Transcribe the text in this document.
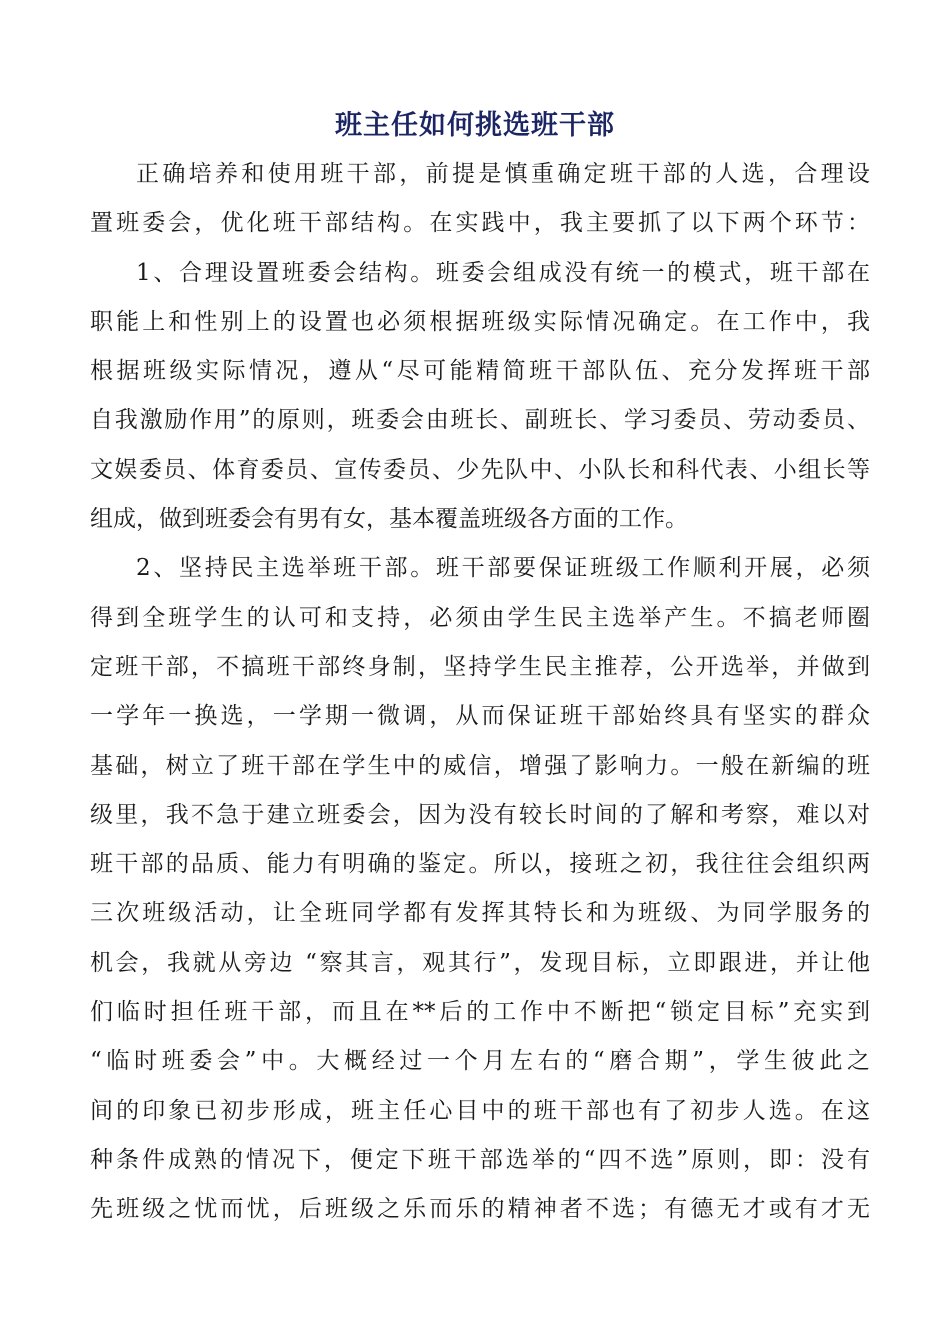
班主任如何挑选班干部
正确培养和使用班干部，前提是慎重确定班干部的人选，合理设
置班委会，优化班干部结构。在实践中，我主要抓了以下两个环节：
1、合理设置班委会结构。班委会组成没有统一的模式，班干部在
职能上和性别上的设置也必须根据班级实际情况确定。在工作中，我
根据班级实际情况，遵从“尽可能精简班干部队伍、充分发挥班干部
自我激励作用”的原则，班委会由班长、副班长、学习委员、劳动委员、
文娱委员、体育委员、宣传委员、少先队中、小队长和科代表、小组长等
组成，做到班委会有男有女，基本覆盖班级各方面的工作。
2、坚持民主选举班干部。班干部要保证班级工作顺利开展，必须
得到全班学生的认可和支持，必须由学生民主选举产生。不搞老师圈
定班干部，不搞班干部终身制，坚持学生民主推荐，公开选举，并做到
一学年一换选，一学期一微调，从而保证班干部始终具有坚实的群众
基础，树立了班干部在学生中的威信，增强了影响力。一般在新编的班
级里，我不急于建立班委会，因为没有较长时间的了解和考察，难以对
班干部的品质、能力有明确的鉴定。所以，接班之初，我往往会组织两
三次班级活动，让全班同学都有发挥其特长和为班级、为同学服务的
机会，我就从旁边 “察其言，观其行”，发现目标，立即跟进，并让他
们临时担任班干部，而且在**后的工作中不断把“锁定目标”充实到
“临时班委会”中。大概经过一个月左右的“磨合期”，学生彼此之
间的印象已初步形成，班主任心目中的班干部也有了初步人选。在这
种条件成熟的情况下，便定下班干部选举的“四不选”原则，即：没有
先班级之忧而忧，后班级之乐而乐的精神者不选；有德无才或有才无
